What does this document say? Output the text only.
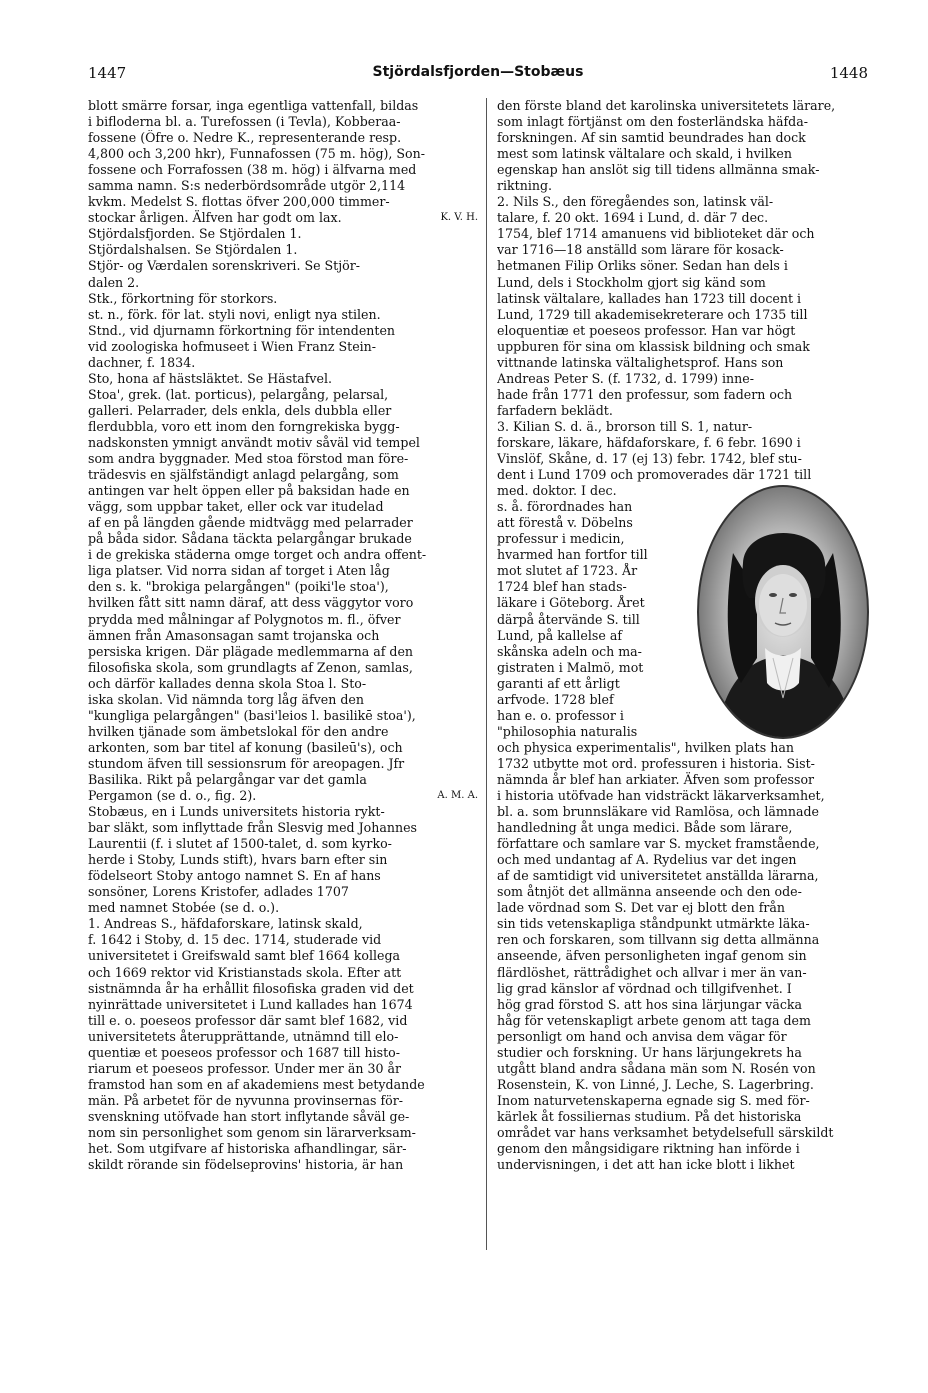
1447	Stjördalsfjorden—Stobæus	1448
blott smärre forsar, inga egentliga vattenfall, bildas
i bifloderna bl. a. Turefossen (i Tevla), Kobberaa-
fossene (Öfre o. Nedre K., representerande resp.
4,800 och 3,200 hkr), Funnafossen (75 m. hög), Son-
fossene och Forrafossen (38 m. hög) i älfvarna med
samma namn. S:s nederbördsområde utgör 2,114
kvkm. Medelst S. flottas öfver 200,000 timmer-
stockar årligen. Älfven har godt om lax.	K. V. H.
Stjördalsfjorden. Se Stjördalen 1.
Stjördalshalsen. Se Stjördalen 1.
Stjör- og Værdalen sorenskriveri. Se Stjör-
dalen 2.
Stk., förkortning för storkors.
st. n., förk. för lat. styli novi, enligt nya stilen.
Stnd., vid djurnamn förkortning för intendenten
vid zoologiska hofmuseet i Wien Franz Stein-
dachner, f. 1834.
Sto, hona af hästsläktet. Se Hästafvel.
Stoa', grek. (lat. porticus), pelargång, pelarsal,
galleri. Pelarrader, dels enkla, dels dubbla eller
flerdubbla, voro ett inom den forngrekiska bygg-
nadskonsten ymnigt användt motiv såväl vid tempel
som andra byggnader. Med stoa förstod man före-
trädesvis en själfständigt anlagd pelargång, som
antingen var helt öppen eller på baksidan hade en
vägg, som uppbar taket, eller ock var itudelad
af en på längden gående midtvägg med pelarrader
på båda sidor. Sådana täckta pelargångar brukade
i de grekiska städerna omge torget och andra offent-
liga platser. Vid norra sidan af torget i Aten låg
den s. k. "brokiga pelargången" (poiki'le stoa'),
hvilken fått sitt namn däraf, att dess väggytor voro
prydda med målningar af Polygnotos m. fl., öfver
ämnen från Amasonsagan samt trojanska och
persiska krigen. Där plägade medlemmarna af den
filosofiska skola, som grundlagts af Zenon, samlas,
och därför kallades denna skola Stoa l. Sto-
iska skolan. Vid nämnda torg låg äfven den
"kungliga pelargången" (basi'leios l. basilikē stoa'),
hvilken tjänade som ämbetslokal för den andre
arkonten, som bar titel af konung (basileū's), och
stundom äfven till sessionsrum för areopagen. Jfr
Basilika. Rikt på pelargångar var det gamla
Pergamon (se d. o., fig. 2).	A. M. A.
Stobæus, en i Lunds universitets historia rykt-
bar släkt, som inflyttade från Slesvig med Johannes
Laurentii (f. i slutet af 1500-talet, d. som kyrko-
herde i Stoby, Lunds stift), hvars barn efter sin
födelseort Stoby antogo namnet S. En af hans
sonsöner, Lorens Kristofer, adlades 1707
med namnet Stobée (se d. o.).
1. Andreas S., häfdaforskare, latinsk skald,
f. 1642 i Stoby, d. 15 dec. 1714, studerade vid
universitetet i Greifswald samt blef 1664 kollega
och 1669 rektor vid Kristianstads skola. Efter att
sistnämnda år ha erhållit filosofiska graden vid det
nyinrättade universitetet i Lund kallades han 1674
till e. o. poeseos professor där samt blef 1682, vid
universitetets återupprättande, utnämnd till elo-
quentiæ et poeseos professor och 1687 till histo-
riarum et poeseos professor. Under mer än 30 år
framstod han som en af akademiens mest betydande
män. På arbetet för de nyvunna provinsernas för-
svenskning utöfvade han stort inflytande såväl ge-
nom sin personlighet som genom sin lärarverksam-
het. Som utgifvare af historiska afhandlingar, sär-
skildt rörande sin födelseprovins' historia, är han
den förste bland det karolinska universitetets lärare,
som inlagt förtjänst om den fosterländska häfda-
forskningen. Af sin samtid beundrades han dock
mest som latinsk vältalare och skald, i hvilken
egenskap han anslöt sig till tidens allmänna smak-
riktning.
2. Nils S., den föregåendes son, latinsk väl-
talare, f. 20 okt. 1694 i Lund, d. där 7 dec.
1754, blef 1714 amanuens vid biblioteket där och
var 1716—18 anställd som lärare för kosack-
hetmanen Filip Orliks söner. Sedan han dels i
Lund, dels i Stockholm gjort sig känd som
latinsk vältalare, kallades han 1723 till docent i
Lund, 1729 till akademisekreterare och 1735 till
eloquentiæ et poeseos professor. Han var högt
uppburen för sina om klassisk bildning och smak
vittnande latinska vältalighetsprof. Hans son
Andreas Peter S. (f. 1732, d. 1799) inne-
hade från 1771 den professur, som fadern och
farfadern beklädt.
3. Kilian S. d. ä., brorson till S. 1, natur-
forskare, läkare, häfdaforskare, f. 6 febr. 1690 i
Vinslöf, Skåne, d. 17 (ej 13) febr. 1742, blef stu-
dent i Lund 1709 och promoverades där 1721 till
med. doktor. I dec.
s. å. förordnades han
att förestå v. Döbelns
professur i medicin,
hvarmed han fortfor till
mot slutet af 1723. År
1724 blef han stads-
läkare i Göteborg. Året
därpå återvände S. till
Lund, på kallelse af
skånska adeln och ma-
gistraten i Malmö, mot
garanti af ett årligt
arfvode. 1728 blef
han e. o. professor i
"philosophia naturalis
och physica experimentalis", hvilken plats han
1732 utbytte mot ord. professuren i historia. Sist-
nämnda år blef han arkiater. Äfven som professor
i historia utöfvade han vidsträckt läkarverksamhet,
bl. a. som brunnsläkare vid Ramlösa, och lämnade
handledning åt unga medici. Både som lärare,
författare och samlare var S. mycket framstående,
och med undantag af A. Rydelius var det ingen
af de samtidigt vid universitetet anställda lärarna,
som åtnjöt det allmänna anseende och den ode-
lade vördnad som S. Det var ej blott den från
sin tids vetenskapliga ståndpunkt utmärkte läka-
ren och forskaren, som tillvann sig detta allmänna
anseende, äfven personligheten ingaf genom sin
flärdlöshet, rättrådighet och allvar i mer än van-
lig grad känslor af vördnad och tillgifvenhet. I
hög grad förstod S. att hos sina lärjungar väcka
håg för vetenskapligt arbete genom att taga dem
personligt om hand och anvisa dem vägar för
studier och forskning. Ur hans lärjungekrets ha
utgått bland andra sådana män som N. Rosén von
Rosenstein, K. von Linné, J. Leche, S. Lagerbring.
Inom naturvetenskaperna egnade sig S. med för-
kärlek åt fossiliernas studium. På det historiska
området var hans verksamhet betydelsefull särskildt
genom den mångsidigare riktning han införde i
undervisningen, i det att han icke blott i likhet
